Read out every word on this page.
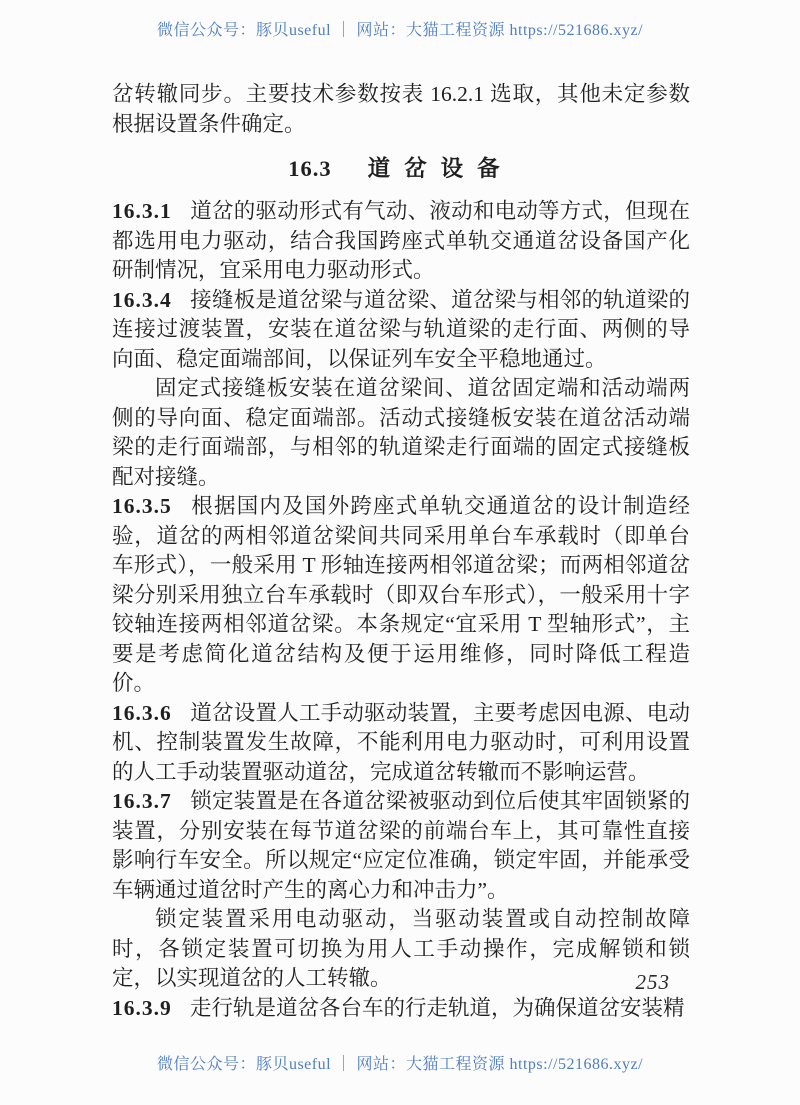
微信公众号：豚贝useful ｜ 网站：大猫工程资源 https://521686.xyz/

岔转辙同步。主要技术参数按表 16.2.1 选取，其他未定参数根据设置条件确定。

16.3 道岔设备

16.3.1 道岔的驱动形式有气动、液动和电动等方式，但现在都选用电力驱动，结合我国跨座式单轨交通道岔设备国产化研制情况，宜采用电力驱动形式。

16.3.4 接缝板是道岔梁与道岔梁、道岔梁与相邻的轨道梁的连接过渡装置，安装在道岔梁与轨道梁的走行面、两侧的导向面、稳定面端部间，以保证列车安全平稳地通过。

固定式接缝板安装在道岔梁间、道岔固定端和活动端两侧的导向面、稳定面端部。活动式接缝板安装在道岔活动端梁的走行面端部，与相邻的轨道梁走行面端的固定式接缝板配对接缝。

16.3.5 根据国内及国外跨座式单轨交通道岔的设计制造经验，道岔的两相邻道岔梁间共同采用单台车承载时（即单台车形式），一般采用 T 形轴连接两相邻道岔梁；而两相邻道岔梁分别采用独立台车承载时（即双台车形式），一般采用十字铰轴连接两相邻道岔梁。本条规定“宜采用 T 型轴形式”，主要是考虑简化道岔结构及便于运用维修，同时降低工程造价。

16.3.6 道岔设置人工手动驱动装置，主要考虑因电源、电动机、控制装置发生故障，不能利用电力驱动时，可利用设置的人工手动装置驱动道岔，完成道岔转辙而不影响运营。

16.3.7 锁定装置是在各道岔梁被驱动到位后使其牢固锁紧的装置，分别安装在每节道岔梁的前端台车上，其可靠性直接影响行车安全。所以规定“应定位准确，锁定牢固，并能承受车辆通过道岔时产生的离心力和冲击力”。

锁定装置采用电动驱动，当驱动装置或自动控制故障时，各锁定装置可切换为用人工手动操作，完成解锁和锁定，以实现道岔的人工转辙。

16.3.9 走行轨是道岔各台车的行走轨道，为确保道岔安装精

253
微信公众号：豚贝useful ｜ 网站：大猫工程资源 https://521686.xyz/
